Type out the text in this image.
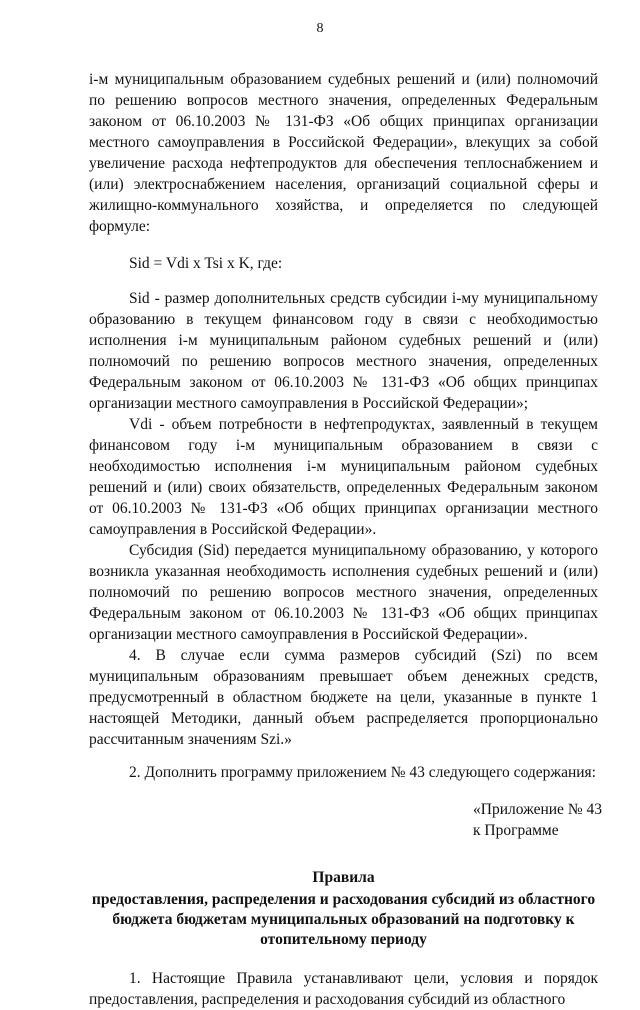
8

i-м муниципальным образованием судебных решений и (или) полномочий по решению вопросов местного значения, определенных Федеральным законом от 06.10.2003 № 131-ФЗ «Об общих принципах организации местного самоуправления в Российской Федерации», влекущих за собой увеличение расхода нефтепродуктов для обеспечения теплоснабжением и (или) электроснабжением населения, организаций социальной сферы и жилищно-коммунального хозяйства, и определяется по следующей формуле:

Sid = Vdi x Tsi x K, где:

Sid - размер дополнительных средств субсидии i-му муниципальному образованию в текущем финансовом году в связи с необходимостью исполнения i-м муниципальным районом судебных решений и (или) полномочий по решению вопросов местного значения, определенных Федеральным законом от 06.10.2003 № 131-ФЗ «Об общих принципах организации местного самоуправления в Российской Федерации»;

Vdi - объем потребности в нефтепродуктах, заявленный в текущем финансовом году i-м муниципальным образованием в связи с необходимостью исполнения i-м муниципальным районом судебных решений и (или) своих обязательств, определенных Федеральным законом от 06.10.2003 № 131-ФЗ «Об общих принципах организации местного самоуправления в Российской Федерации».

Субсидия (Sid) передается муниципальному образованию, у которого возникла указанная необходимость исполнения судебных решений и (или) полномочий по решению вопросов местного значения, определенных Федеральным законом от 06.10.2003 № 131-ФЗ «Об общих принципах организации местного самоуправления в Российской Федерации».

4. В случае если сумма размеров субсидий (Szi) по всем муниципальным образованиям превышает объем денежных средств, предусмотренный в областном бюджете на цели, указанные в пункте 1 настоящей Методики, данный объем распределяется пропорционально рассчитанным значениям Szi.»

2. Дополнить программу приложением № 43 следующего содержания:

«Приложение № 43
к Программе
Правила
предоставления, распределения и расходования субсидий из областного бюджета бюджетам муниципальных образований на подготовку к отопительному периоду

1. Настоящие Правила устанавливают цели, условия и порядок предоставления, распределения и расходования субсидий из областного
